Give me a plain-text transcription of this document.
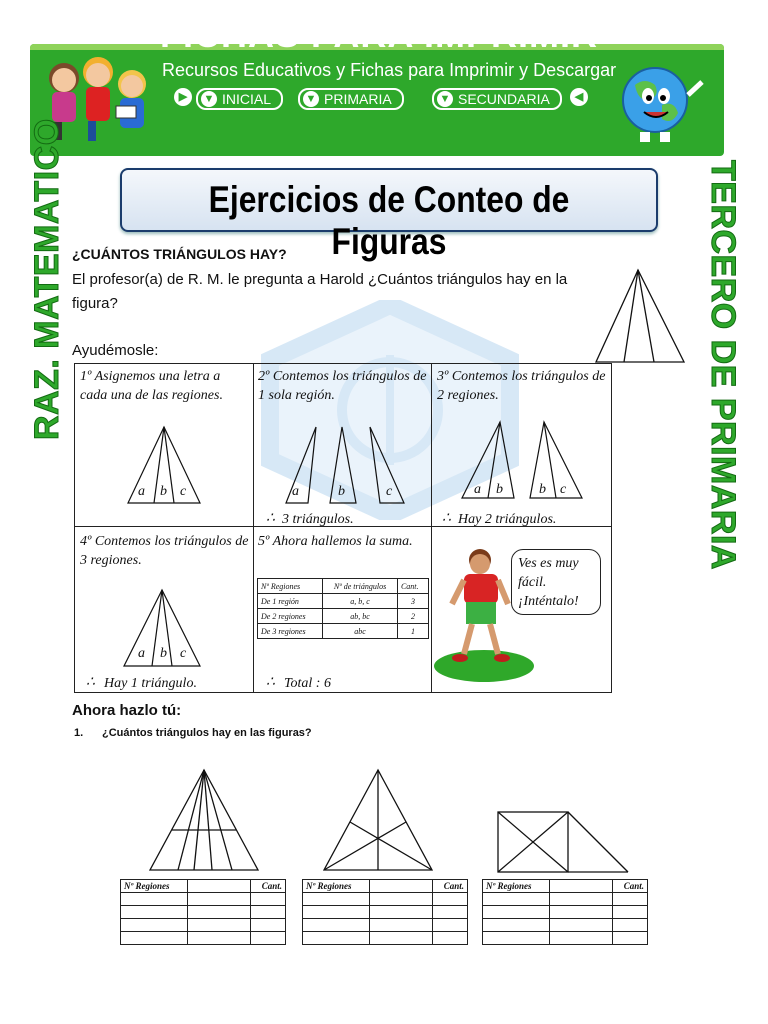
FICHAS PARA IMPRIMIR
Recursos Educativos y Fichas para Imprimir y Descargar
▶	▼ INICIAL	▼ PRIMARIA	▼ SECUNDARIA	◀
RAZ. MATEMATICO	TERCERO DE PRIMARIA
Ejercicios de Conteo de Figuras
¿CUÁNTOS TRIÁNGULOS HAY?
El profesor(a) de R. M. le pregunta a Harold ¿Cuántos triángulos hay en la figura?
Ayudémosle:
1º Asignemos una letra a cada una de las regiones.
2º Contemos los triángulos de 1 sola región.
3º Contemos los triángulos de 2 regiones.
4º Contemos los triángulos de 3 regiones.
5º Ahora hallemos la suma.
a b c	a	b	c
∴ 3 triángulos.
a b	b c
∴ Hay 2 triángulos.
a b c
∴ Hay 1 triángulo.
Nº Regiones	Nº de triángulos	Cant.
De 1 región	a, b, c	3
De 2 regiones	ab, bc	2
De 3 regiones	abc	1
∴ Total : 6
Ves es muy fácil. ¡Inténtalo!
Ahora hazlo tú:
1. ¿Cuántos triángulos hay en las figuras?
Nº Regiones		Cant.

			Nº Regiones		Cant.

		Nº Regiones		Cant.
